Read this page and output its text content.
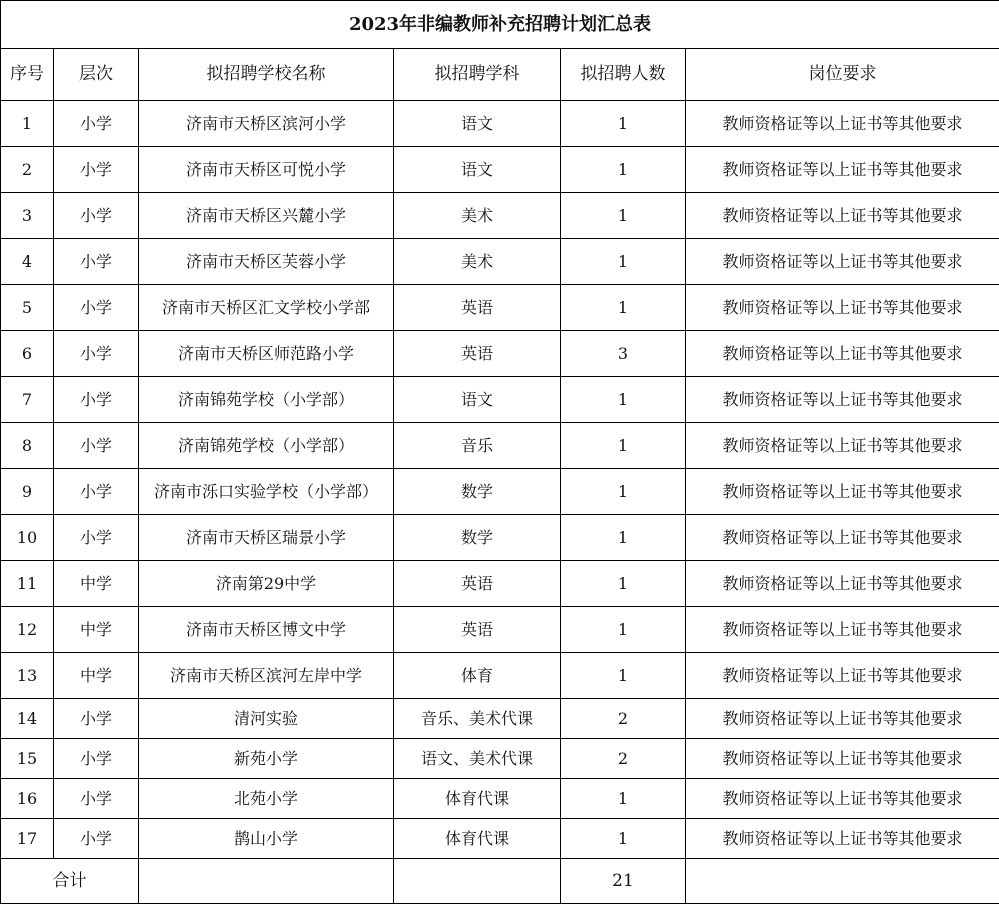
2023年非编教师补充招聘计划汇总表					
序号	层次	拟招聘学校名称	拟招聘学科	拟招聘人数	岗位要求
1	小学	济南市天桥区滨河小学	语文	1	教师资格证等以上证书等其他要求
2	小学	济南市天桥区可悦小学	语文	1	教师资格证等以上证书等其他要求
3	小学	济南市天桥区兴麓小学	美术	1	教师资格证等以上证书等其他要求
4	小学	济南市天桥区芙蓉小学	美术	1	教师资格证等以上证书等其他要求
5	小学	济南市天桥区汇文学校小学部	英语	1	教师资格证等以上证书等其他要求
6	小学	济南市天桥区师范路小学	英语	3	教师资格证等以上证书等其他要求
7	小学	济南锦苑学校（小学部）	语文	1	教师资格证等以上证书等其他要求
8	小学	济南锦苑学校（小学部）	音乐	1	教师资格证等以上证书等其他要求
9	小学	济南市泺口实验学校（小学部）	数学	1	教师资格证等以上证书等其他要求
10	小学	济南市天桥区瑞景小学	数学	1	教师资格证等以上证书等其他要求
11	中学	济南第29中学	英语	1	教师资格证等以上证书等其他要求
12	中学	济南市天桥区博文中学	英语	1	教师资格证等以上证书等其他要求
13	中学	济南市天桥区滨河左岸中学	体育	1	教师资格证等以上证书等其他要求
14	小学	清河实验	音乐、美术代课	2	教师资格证等以上证书等其他要求
15	小学	新苑小学	语文、美术代课	2	教师资格证等以上证书等其他要求
16	小学	北苑小学	体育代课	1	教师资格证等以上证书等其他要求
17	小学	鹊山小学	体育代课	1	教师资格证等以上证书等其他要求
合计				21	
